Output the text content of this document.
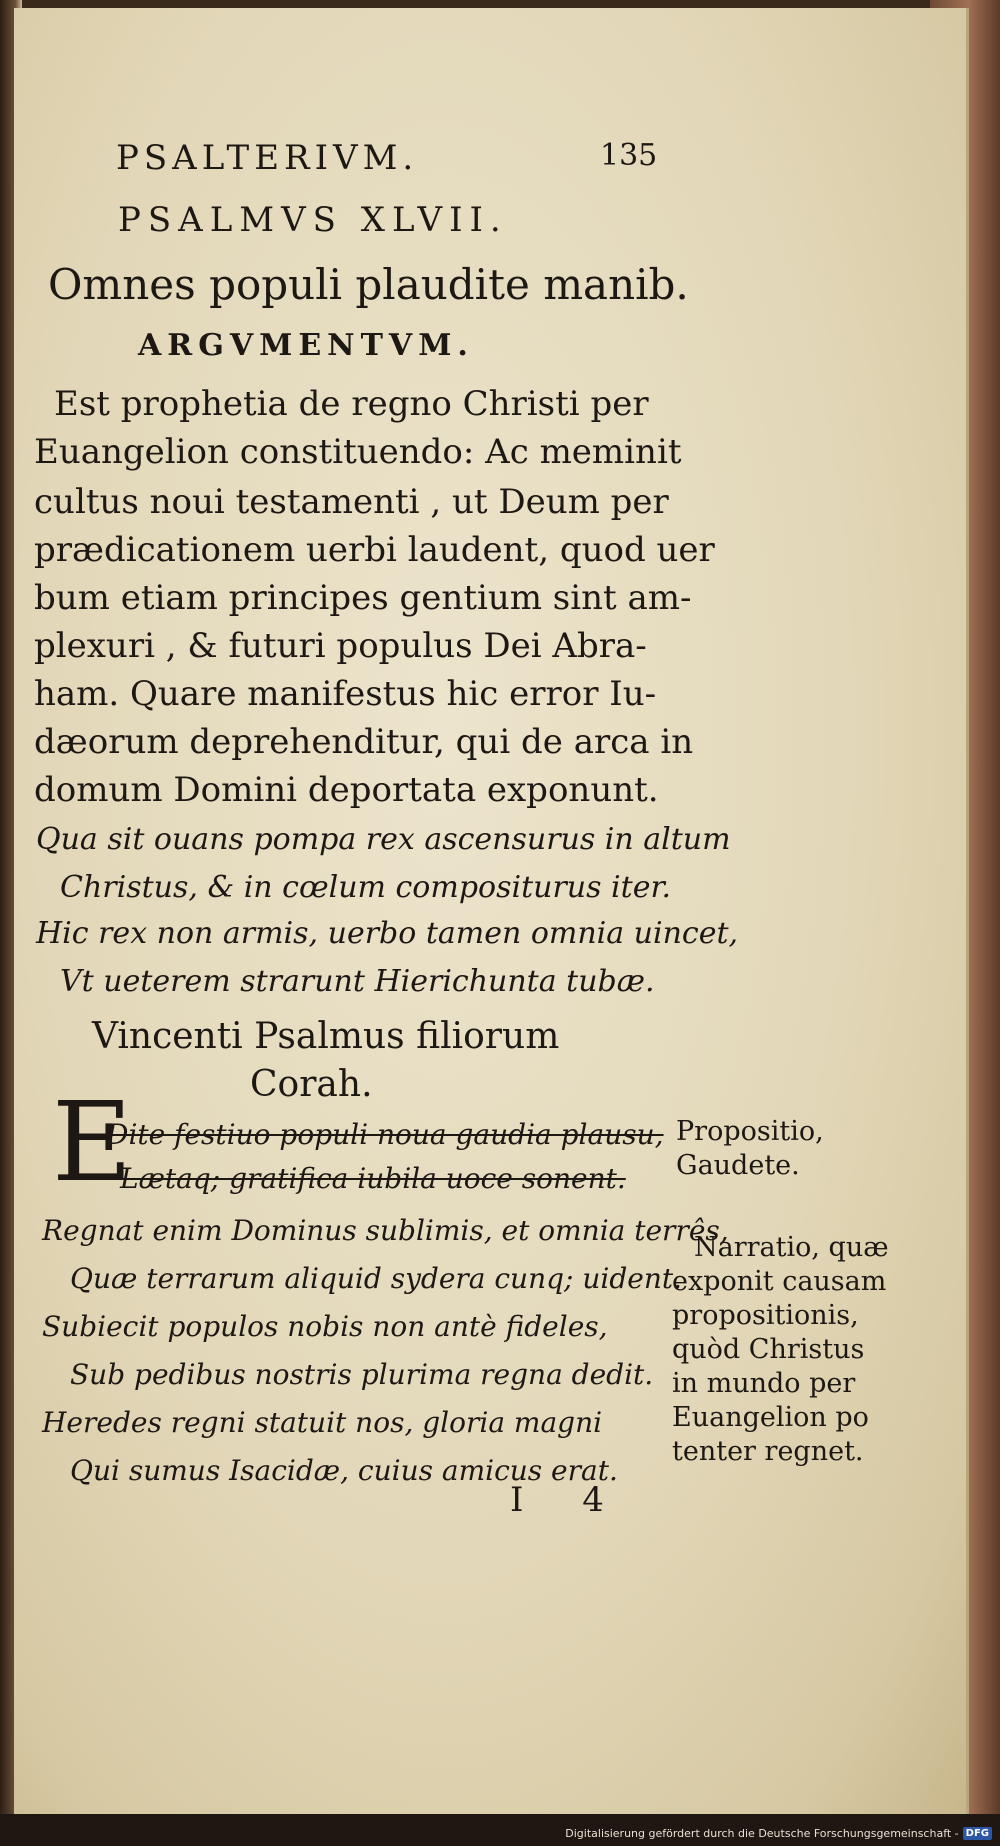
PSALTERIVM.	135
PSALMVS XLVII.
Omnes populi plaudite manib.
ARGVMENTVM.
Est prophetia de regno Christi per
Euangelion constituendo: Ac meminit
cultus noui testamenti , ut Deum per
prædicationem uerbi laudent, quod uer
bum etiam principes gentium sint am-
plexuri , & futuri populus Dei Abra-
ham. Quare manifestus hic error Iu-
dæorum deprehenditur, qui de arca in
domum Domini deportata exponunt.
Qua sit ouans pompa rex ascensurus in altum
Christus, & in cœlum compositurus iter.
Hic rex non armis, uerbo tamen omnia uincet,
Vt ueterem strarunt Hierichunta tubæ.
Vincenti Psalmus filiorum
Corah.
E
Dite festiuo populi noua gaudia plausu,
Lætaq; gratifica iubila uoce sonent.
Regnat enim Dominus sublimis, et omnia terrês,
Quæ terrarum aliquid sydera cunq; uident.
Subiecit populos nobis non antè fideles,
Sub pedibus nostris plurima regna dedit.
Heredes regni statuit nos, gloria magni
Qui sumus Isacidæ, cuius amicus erat.
Propositio,
Gaudete.
Narratio, quæ
exponit causam
propositionis,
quòd Christus
in mundo per
Euangelion po
tenter regnet.
I 4
Digitalisierung gefördert durch die Deutsche Forschungsgemeinschaft - DFG
